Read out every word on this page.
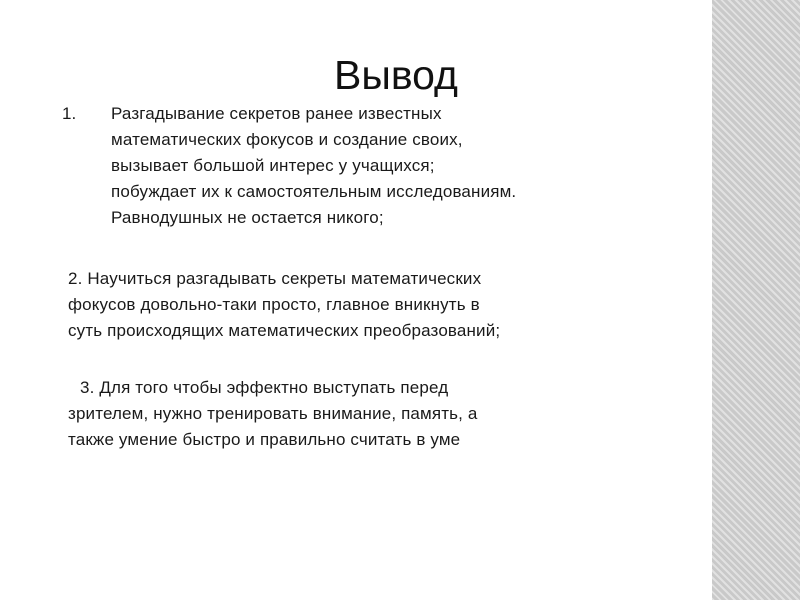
Вывод
1. Разгадывание секретов ранее известных
математических фокусов и создание своих,
вызывает большой интерес у учащихся;
побуждает их к самостоятельным исследованиям.
Равнодушных не остается никого;

2. Научиться разгадывать секреты математических
фокусов довольно-таки просто, главное вникнуть в
суть происходящих математических преобразований;

3. Для того чтобы эффектно выступать перед
зрителем, нужно тренировать внимание, память, а
также умение быстро и правильно считать в уме
